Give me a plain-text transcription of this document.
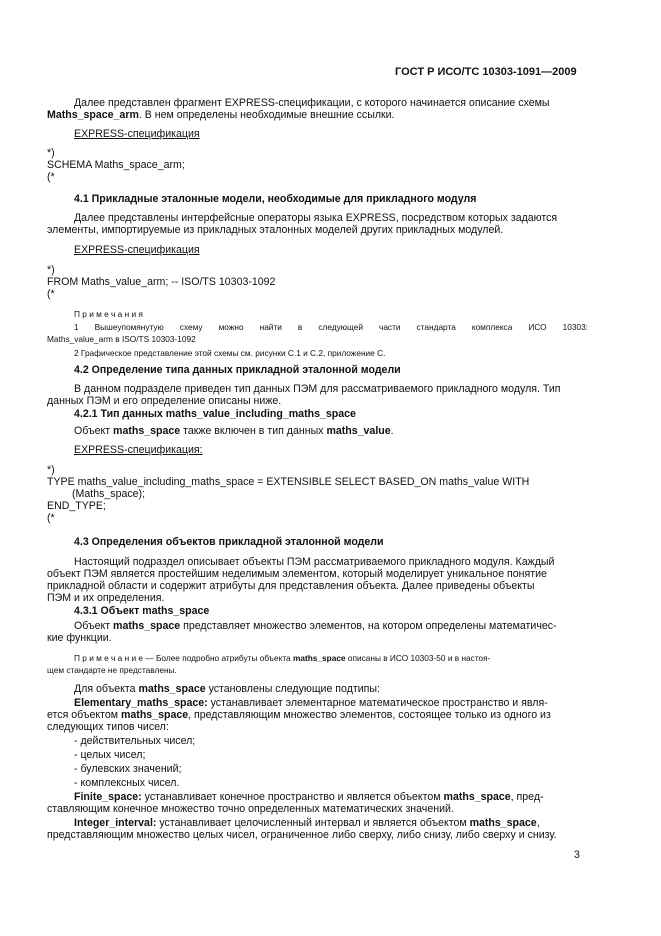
ГОСТ Р ИСО/ТС 10303-1091—2009
Далее представлен фрагмент EXPRESS-спецификации, с которого начинается описание схемы
Maths_space_arm. В нем определены необходимые внешние ссылки.
EXPRESS-спецификация
*)
SCHEMA Maths_space_arm;
(*
4.1 Прикладные эталонные модели, необходимые для прикладного модуля
Далее представлены интерфейсные операторы языка EXPRESS, посредством которых задаются
элементы, импортируемые из прикладных эталонных моделей других прикладных модулей.
EXPRESS-спецификация
*)
FROM Maths_value_arm; -- ISO/TS 10303-1092
(*
П р и м е ч а н и я
1 Вышеупомянутую схему можно найти в следующей части стандарта комплекса ИСО 10303:
Maths_value_arm в ISO/TS 10303-1092
2 Графическое представление этой схемы см. рисунки С.1 и С.2, приложение С.
4.2 Определение типа данных прикладной эталонной модели
В данном подразделе приведен тип данных ПЭМ для рассматриваемого прикладного модуля. Тип
данных ПЭМ и его определение описаны ниже.
4.2.1 Тип данных maths_value_including_maths_space
Объект maths_space также включен в тип данных maths_value.
EXPRESS-спецификация:
*)
TYPE maths_value_including_maths_space = EXTENSIBLE SELECT BASED_ON maths_value WITH
(Maths_space);
END_TYPE;
(*
4.3 Определения объектов прикладной эталонной модели
Настоящий подраздел описывает объекты ПЭМ рассматриваемого прикладного модуля. Каждый
объект ПЭМ является простейшим неделимым элементом, который моделирует уникальное понятие
прикладной области и содержит атрибуты для представления объекта. Далее приведены объекты
ПЭМ и их определения.
4.3.1 Объект maths_space
Объект maths_space представляет множество элементов, на котором определены математичес-
кие функции.
П р и м е ч а н и е — Более подробно атрибуты объекта maths_space описаны в ИСО 10303-50 и в настоя-
щем стандарте не представлены.
Для объекта maths_space установлены следующие подтипы:
Elementary_maths_space: устанавливает элементарное математическое пространство и явля-
ется объектом maths_space, представляющим множество элементов, состоящее только из одного из
следующих типов чисел:
- действительных чисел;
- целых чисел;
- булевских значений;
- комплексных чисел.
Finite_space: устанавливает конечное пространство и является объектом maths_space, пред-
ставляющим конечное множество точно определенных математических значений.
Integer_interval: устанавливает целочисленный интервал и является объектом maths_space,
представляющим множество целых чисел, ограниченное либо сверху, либо снизу, либо сверху и снизу.
3
